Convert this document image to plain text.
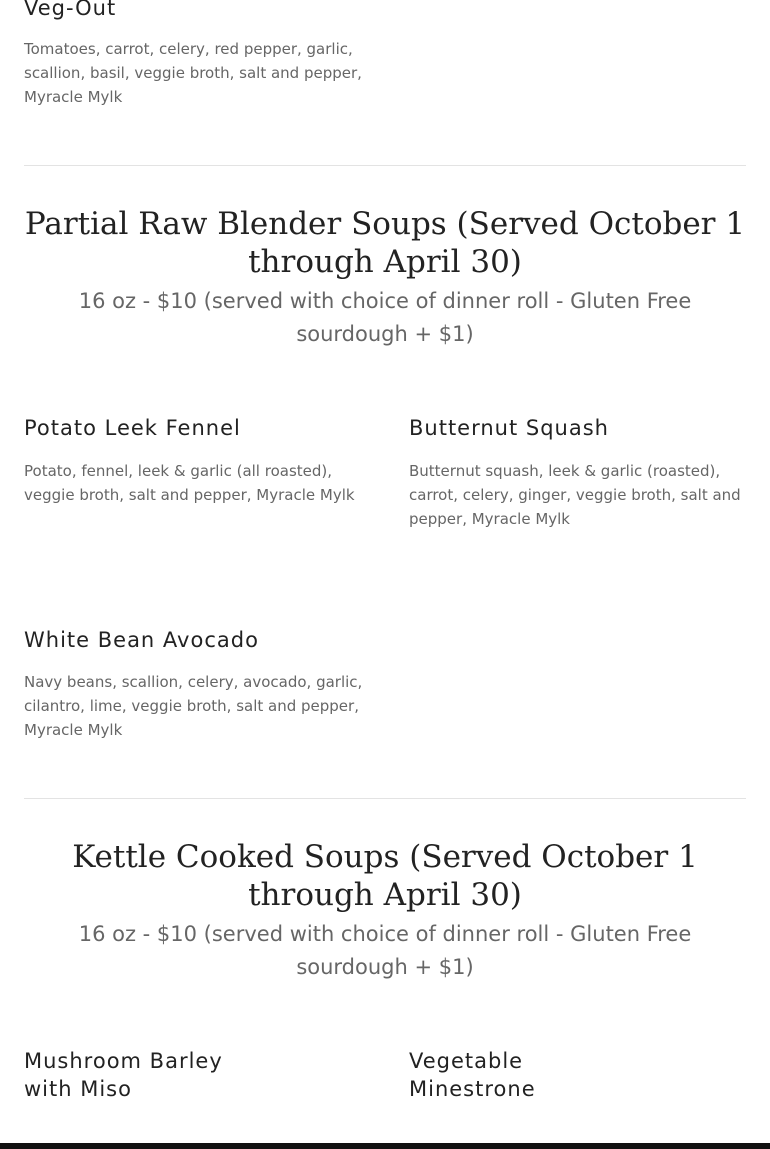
Veg-Out

Tomatoes, carrot, celery, red pepper, garlic, scallion, basil, veggie broth, salt and pepper, Myracle Mylk

Partial Raw Blender Soups (Served October 1 through April 30)

16 oz - $10 (served with choice of dinner roll - Gluten Free sourdough + $1)

Potato Leek Fennel

Potato, fennel, leek & garlic (all roasted), veggie broth, salt and pepper, Myracle Mylk

Butternut Squash

Butternut squash, leek & garlic (roasted), carrot, celery, ginger, veggie broth, salt and pepper, Myracle Mylk

White Bean Avocado

Navy beans, scallion, celery, avocado, garlic, cilantro, lime, veggie broth, salt and pepper, Myracle Mylk

Kettle Cooked Soups (Served October 1 through April 30)

16 oz - $10 (served with choice of dinner roll - Gluten Free sourdough + $1)

Mushroom Barley with Miso
Vegetable Minestrone
